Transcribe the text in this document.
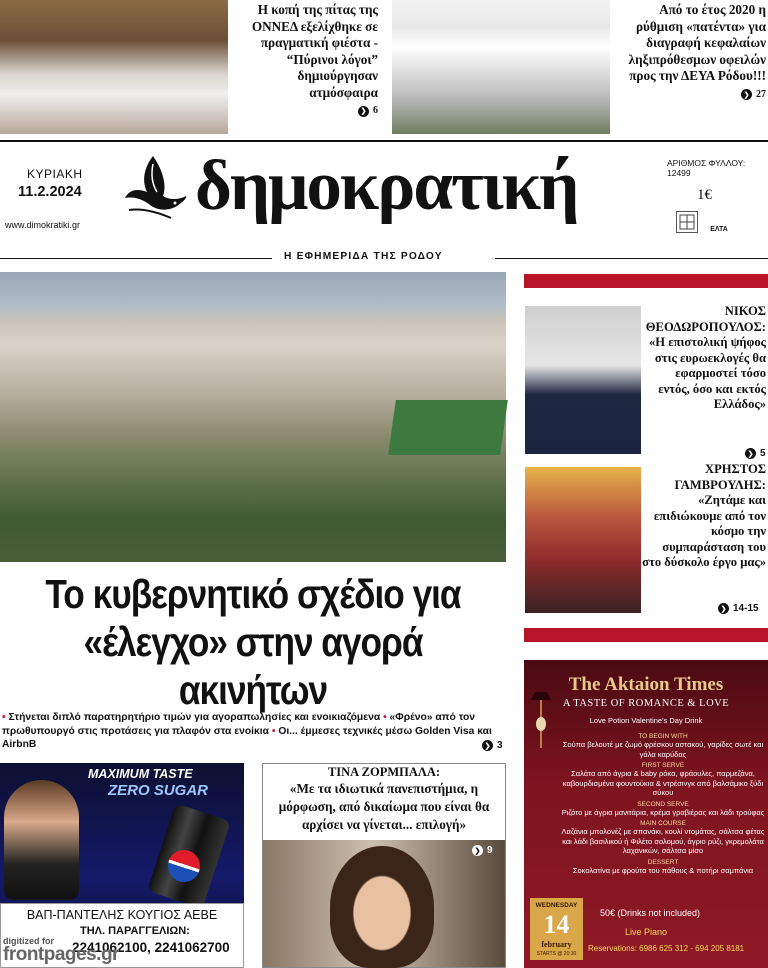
Η κοπή της πίτας της ΟΝΝΕΔ εξελίχθηκε σε πραγματική φιέστα - “Πύρινοι λόγοι” δημιούργησαν ατμόσφαιρα

❯ 6
Από το έτος 2020 η ρύθμιση «πατέντα» για διαγραφή κεφαλαίων ληξιπρόθεσμων οφειλών προς την ΔΕΥΑ Ρόδου!!!

❯ 27
ΚΥΡΙΑΚΗ
11.2.2024
www.dimokratiki.gr δημοκρατική	ΑΡΙΘΜΟΣ ΦΥΛΛΟΥ: 12499
1€
ΕΛΤΑ
Η ΕΦΗΜΕΡΙΔΑ ΤΗΣ ΡΟΔΟΥ
Το κυβερνητικό σχέδιο για
«έλεγχο» στην αγορά ακινήτων
• Στήνεται διπλό παρατηρητήριο τιμών για αγοραπωλησίες και ενοικιαζόμενα • «Φρένο» από τον πρωθυπουργό στις προτάσεις για πλαφόν στα ενοίκια • Οι... έμμεσες τεχνικές μέσω Golden Visa και AirbnB	❯ 3
ΝΙΚΟΣ ΘΕΟΔΩΡΟΠΟΥΛΟΣ:
«Η επιστολική ψήφος στις ευρωεκλογές θα εφαρμοστεί τόσο εντός, όσο και εκτός Ελλάδος»
❯ 5
ΧΡΗΣΤΟΣ ΓΑΜΒΡΟΥΛΗΣ:
«Ζητάμε και επιδιώκουμε από τον κόσμο την συμπαράσταση του στο δύσκολο έργο μας»
❯ 14-15
MAXIMUM TASTE
ZERO SUGAR
ΒΑΠ-ΠΑΝΤΕΛΗΣ ΚΟΥΓΙΟΣ ΑΕΒΕ
ΤΗΛ. ΠΑΡΑΓΓΕΛΙΩΝ:
2241062100, 2241062700
digitized for
frontpages.gr
ΤΙΝΑ ΖΟΡΜΠΑΛΑ:
«Με τα ιδιωτικά πανεπιστήμια, η μόρφωση, από δικαίωμα που είναι θα αρχίσει να γίνεται... επιλογή»
❯ 9
The Aktaion Times
A TASTE OF ROMANCE & LOVE
Love Potion Valentine's Day Drink
TO BEGIN WITH
Σούπα βελουτέ με ζωμό φρέσκου αστακού, γαρίδες σωτέ και γάλα καρύδας
FIRST SERVE
Σαλάτα από άγρια & baby ρόκα, φράουλες, παρμεζάνα, καβουρδισμένα φουντούκια & ντρέσινγκ από βαλσάμικο ξύδι σύκου
SECOND SERVE
Ριζότο με άγρια μανιτάρια, κρέμα γραβιέρας και λάδι τρούφας
MAIN COURSE
Λαζάνια μπολονέζ με σπανάκι, κουλί ντομάτας, σάλτσα φέτας και λάδι βασιλικού ή Φιλέτο σολομού, άγριο ρύζι, γκρεμολάτα λαχανικών, σάλτσα μίσο
DESSERT
Σοκολατίνα με φρούτα του πάθους & ποτήρι σαμπάνια
WEDNESDAY
14
february
STARTS @ 20:30
50€ (Drinks not included)
Live Piano
Reservations: 6986 625 312 - 694 205 8181
